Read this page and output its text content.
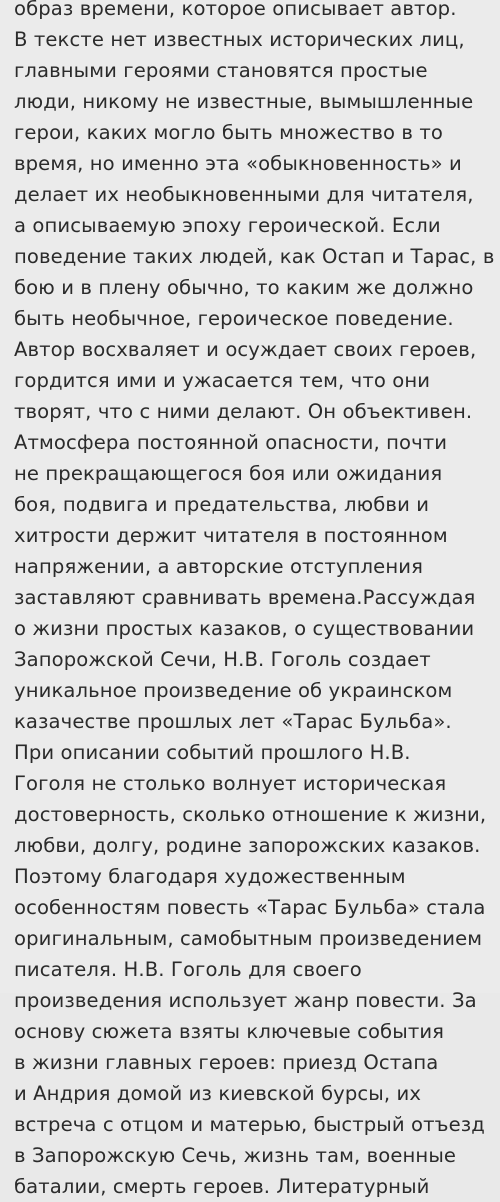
образ времени, которое описывает автор.
В тексте нет известных исторических лиц,
главными героями становятся простые
люди, никому не известные, вымышленные
герои, каких могло быть множество в то
время, но именно эта «обыкновенность» и
делает их необыкновенными для читателя,
а описываемую эпоху героической. Если
поведение таких людей, как Остап и Тарас, в
бою и в плену обычно, то каким же должно
быть необычное, героическое поведение.
Автор восхваляет и осуждает своих героев,
гордится ими и ужасается тем, что они
творят, что с ними делают. Он объективен.
Атмосфера постоянной опасности, почти
не прекращающегося боя или ожидания
боя, подвига и предательства, любви и
хитрости держит читателя в постоянном
напряжении, а авторские отступления
заставляют сравнивать времена.Рассуждая
о жизни простых казаков, о существовании
Запорожской Сечи, Н.В. Гоголь создает
уникальное произведение об украинском
казачестве прошлых лет «Тарас Бульба».
При описании событий прошлого Н.В.
Гоголя не столько волнует историческая
достоверность, сколько отношение к жизни,
любви, долгу, родине запорожских казаков.
Поэтому благодаря художественным
особенностям повесть «Тарас Бульба» стала
оригинальным, самобытным произведением
писателя. Н.В. Гоголь для своего
произведения использует жанр повести. За
основу сюжета взяты ключевые события
в жизни главных героев: приезд Остапа
и Андрия домой из киевской бурсы, их
встреча с отцом и матерью, быстрый отъезд
в Запорожскую Сечь, жизнь там, военные
баталии, смерть героев. Литературный
